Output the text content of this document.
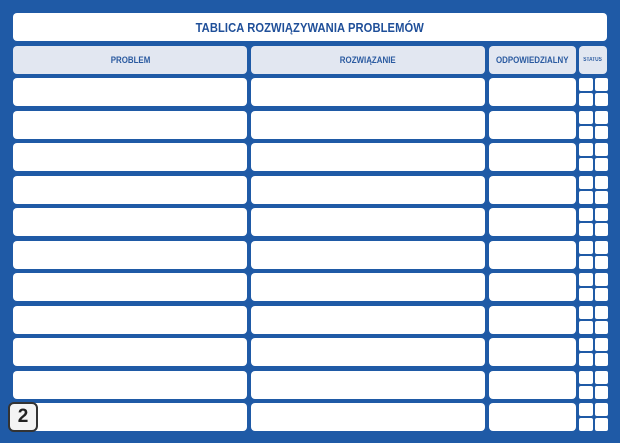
TABLICA ROZWIĄZYWANIA PROBLEMÓW
PROBLEM	ROZWIĄZANIE	ODPOWIEDZIALNY STATUS
2
